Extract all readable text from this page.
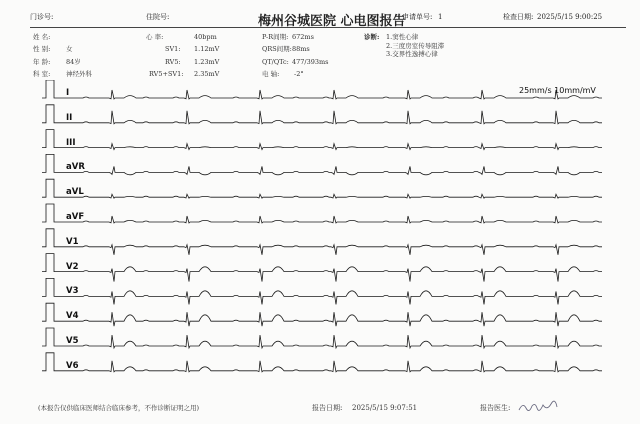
门诊号:	住院号:	梅州谷城医院 心电图报告
申请单号: 1	检查日期: 2025/5/15 9:00:25
姓 名:
性 别: 女
年 龄: 84岁
科 室: 神经外科
心 率:	40bpm
SV1: 1.12mV
RV5: 1.23mV
RV5+SV1: 2.35mV
P-R间期: 672ms
QRS间期: 88ms
QT/QTc: 477/393ms
电 轴: -2°
诊断: 1.窦性心律
2.三度房室传导阻滞
3.交界性逸搏心律
25mm/s 10mm/mV
I
II
III
aVR
aVL
aVF
V1
V2
V3
V4
V5
V6
(本报告仅供临床医师结合临床参考，不作诊断证明之用)	报告日期: 2025/5/15 9:07:51	报告医生:
